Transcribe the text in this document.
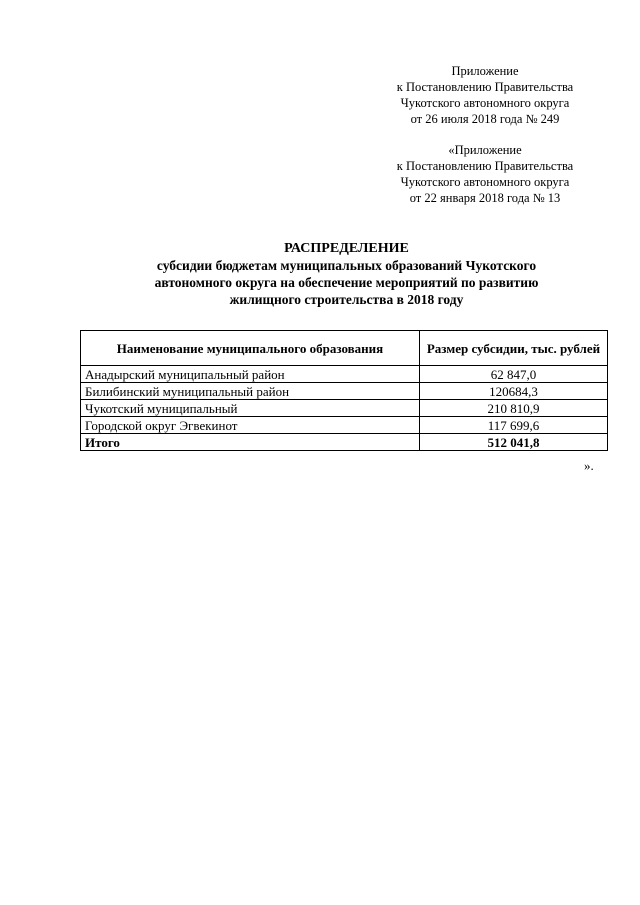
Приложение
к Постановлению Правительства
Чукотского автономного округа
от 26 июля 2018 года № 249
«Приложение
к Постановлению Правительства
Чукотского автономного округа
от 22 января 2018 года № 13
РАСПРЕДЕЛЕНИЕ
субсидии бюджетам муниципальных образований Чукотского
автономного округа на обеспечение мероприятий по развитию
жилищного строительства в 2018 году
Наименование муниципального образования	Размер субсидии, тыс. рублей
Анадырский муниципальный район	62 847,0
Билибинский муниципальный район	120684,3
Чукотский муниципальный	210 810,9
Городской округ Эгвекинот	117 699,6
Итого	512 041,8
».
